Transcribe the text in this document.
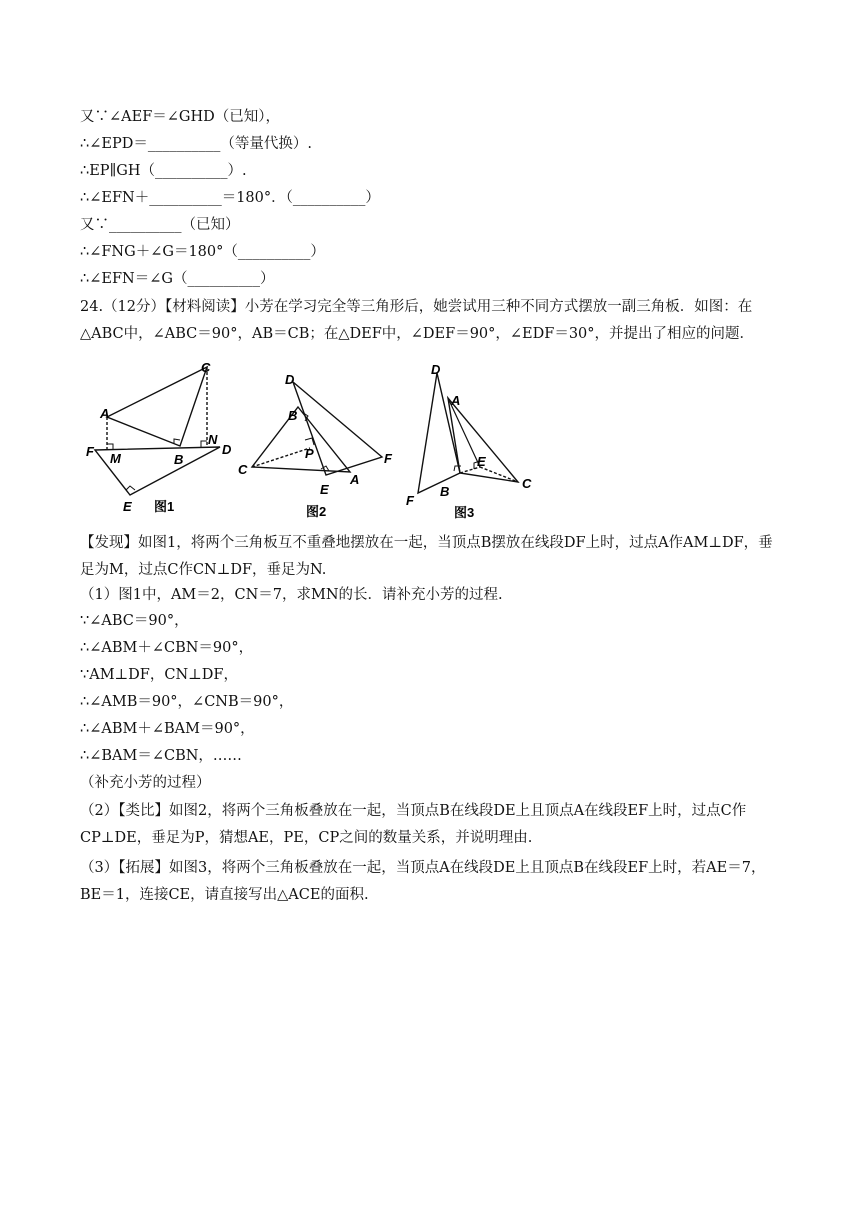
又∵∠AEF＝∠GHD（已知），
∴∠EPD＝__________（等量代换）.
∴EP∥GH（__________）.
∴∠EFN＋__________＝180°．（__________）
又∵__________（已知）
∴∠FNG＋∠G＝180°（__________）
∴∠EFN＝∠G（__________）
24.（12分）【材料阅读】小芳在学习完全等三角形后，她尝试用三种不同方式摆放一副三角板．如图：在△ABC中，∠ABC＝90°，AB＝CB；在△DEF中，∠DEF＝90°，∠EDF＝30°，并提出了相应的问题．
C
A
F M	B
N
D
E 图1
D
B
P
C
A
F
E
图2
D
A
E
C
B
F
图3
【发现】如图1，将两个三角板互不重叠地摆放在一起，当顶点B摆放在线段DF上时，过点A作AM⊥DF，垂足为M，过点C作CN⊥DF，垂足为N.
（1）图1中，AM＝2，CN＝7，求MN的长．请补充小芳的过程.
∵∠ABC＝90°，
∴∠ABM＋∠CBN＝90°，
∵AM⊥DF，CN⊥DF，
∴∠AMB＝90°，∠CNB＝90°，
∴∠ABM＋∠BAM＝90°，
∴∠BAM＝∠CBN，……
（补充小芳的过程）
（2）【类比】如图2，将两个三角板叠放在一起，当顶点B在线段DE上且顶点A在线段EF上时，过点C作CP⊥DE，垂足为P，猜想AE，PE，CP之间的数量关系，并说明理由.
（3）【拓展】如图3，将两个三角板叠放在一起，当顶点A在线段DE上且顶点B在线段EF上时，若AE＝7，BE＝1，连接CE，请直接写出△ACE的面积.
